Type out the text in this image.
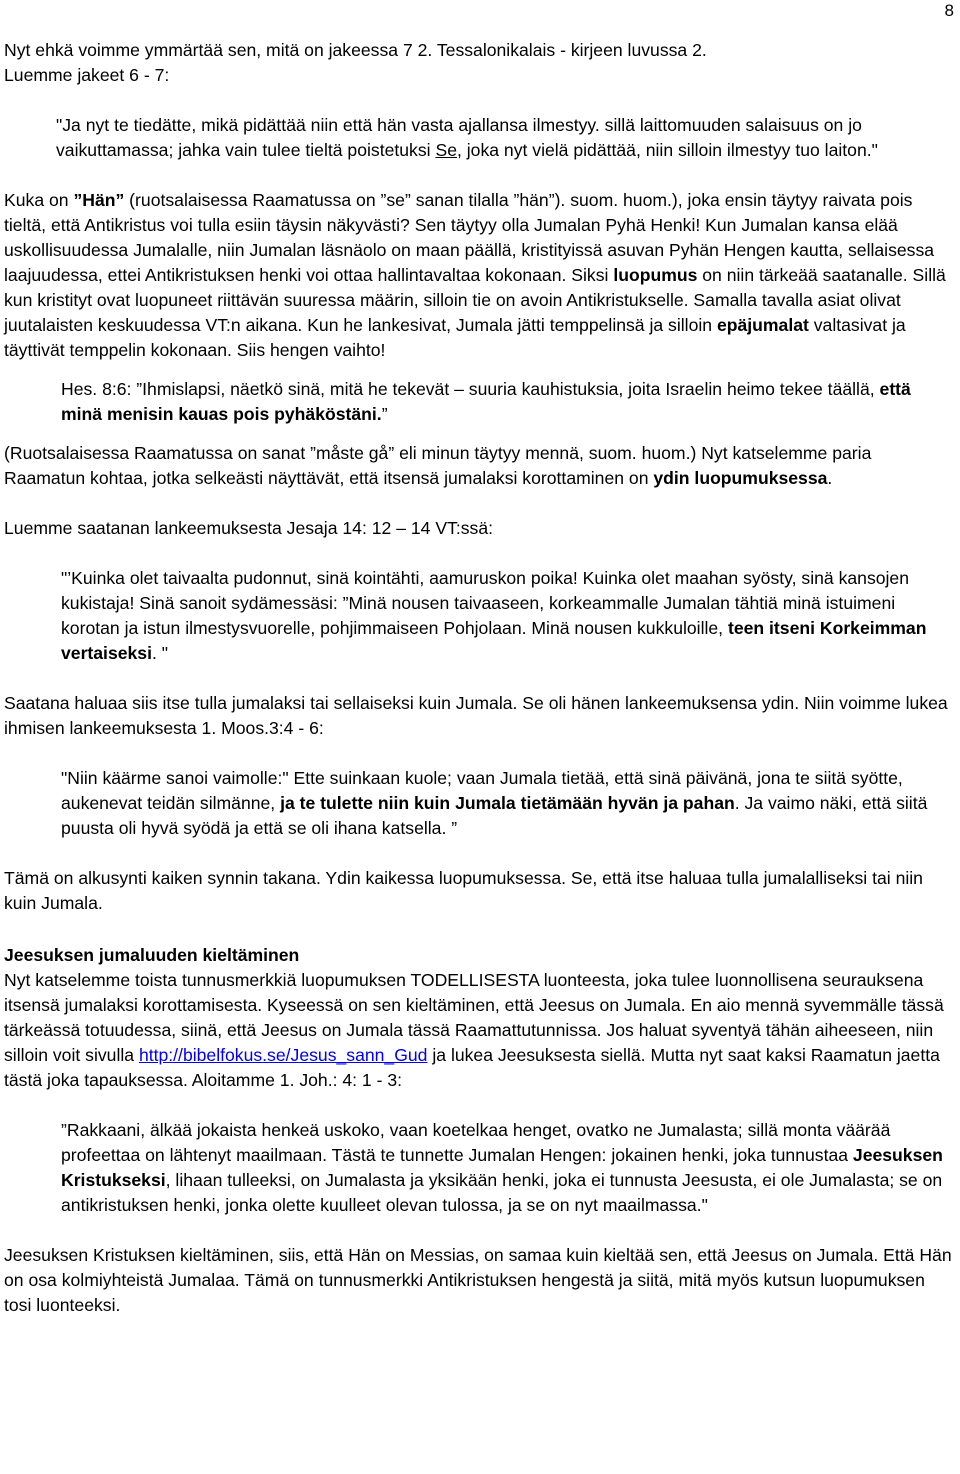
8

Nyt ehkä voimme ymmärtää sen, mitä on jakeessa 7 2. Tessalonikalais - kirjeen luvussa 2.
Luemme jakeet 6 - 7:

"Ja nyt te tiedätte, mikä pidättää niin että hän vasta ajallansa ilmestyy. sillä laittomuuden salaisuus on jo vaikuttamassa; jahka vain tulee tieltä poistetuksi Se, joka nyt vielä pidättää, niin silloin ilmestyy tuo laiton."

Kuka on ”Hän” (ruotsalaisessa Raamatussa on ”se” sanan tilalla ”hän”). suom. huom.), joka ensin täytyy raivata pois tieltä, että Antikristus voi tulla esiin täysin näkyvästi? Sen täytyy olla Jumalan Pyhä Henki! Kun Jumalan kansa elää uskollisuudessa Jumalalle, niin Jumalan läsnäolo on maan päällä, kristityissä asuvan Pyhän Hengen kautta, sellaisessa laajuudessa, ettei Antikristuksen henki voi ottaa hallintavaltaa kokonaan. Siksi luopumus on niin tärkeää saatanalle. Sillä kun kristityt ovat luopuneet riittävän suuressa määrin, silloin tie on avoin Antikristukselle. Samalla tavalla asiat olivat juutalaisten keskuudessa VT:n aikana. Kun he lankesivat, Jumala jätti temppelinsä ja silloin epäjumalat valtasivat ja täyttivät temppelin kokonaan. Siis hengen vaihto!

Hes. 8:6: ”Ihmislapsi, näetkö sinä, mitä he tekevät – suuria kauhistuksia, joita Israelin heimo tekee täällä, että minä menisin kauas pois pyhäköstäni.”

(Ruotsalaisessa Raamatussa on sanat ”måste gå” eli minun täytyy mennä, suom. huom.) Nyt katselemme paria Raamatun kohtaa, jotka selkeästi näyttävät, että itsensä jumalaksi korottaminen on ydin luopumuksessa.

Luemme saatanan lankeemuksesta Jesaja 14: 12 – 14 VT:ssä:

"’Kuinka olet taivaalta pudonnut, sinä kointähti, aamuruskon poika! Kuinka olet maahan syösty, sinä kansojen kukistaja! Sinä sanoit sydämessäsi: ”Minä nousen taivaaseen, korkeammalle Jumalan tähtiä minä istuimeni korotan ja istun ilmestysvuorelle, pohjimmaiseen Pohjolaan. Minä nousen kukkuloille, teen itseni Korkeimman vertaiseksi. "

Saatana haluaa siis itse tulla jumalaksi tai sellaiseksi kuin Jumala. Se oli hänen lankeemuksensa ydin. Niin voimme lukea ihmisen lankeemuksesta 1. Moos.3:4 - 6:

"Niin käärme sanoi vaimolle:" Ette suinkaan kuole; vaan Jumala tietää, että sinä päivänä, jona te siitä syötte, aukenevat teidän silmänne, ja te tulette niin kuin Jumala tietämään hyvän ja pahan. Ja vaimo näki, että siitä puusta oli hyvä syödä ja että se oli ihana katsella. ”

Tämä on alkusynti kaiken synnin takana. Ydin kaikessa luopumuksessa. Se, että itse haluaa tulla jumalalliseksi tai niin kuin Jumala.

Jeesuksen jumaluuden kieltäminen

Nyt katselemme toista tunnusmerkkiä luopumuksen TODELLISESTA luonteesta, joka tulee luonnollisena seurauksena itsensä jumalaksi korottamisesta. Kyseessä on sen kieltäminen, että Jeesus on Jumala. En aio mennä syvemmälle tässä tärkeässä totuudessa, siinä, että Jeesus on Jumala tässä Raamattutunnissa. Jos haluat syventyä tähän aiheeseen, niin silloin voit sivulla http://bibelfokus.se/Jesus_sann_Gud ja lukea Jeesuksesta siellä. Mutta nyt saat kaksi Raamatun jaetta tästä joka tapauksessa. Aloitamme 1. Joh.: 4: 1 - 3:

”Rakkaani, älkää jokaista henkeä uskoko, vaan koetelkaa henget, ovatko ne Jumalasta; sillä monta väärää profeettaa on lähtenyt maailmaan. Tästä te tunnette Jumalan Hengen: jokainen henki, joka tunnustaa Jeesuksen Kristukseksi, lihaan tulleeksi, on Jumalasta ja yksikään henki, joka ei tunnusta Jeesusta, ei ole Jumalasta; se on antikristuksen henki, jonka olette kuulleet olevan tulossa, ja se on nyt maailmassa."

Jeesuksen Kristuksen kieltäminen, siis, että Hän on Messias, on samaa kuin kieltää sen, että Jeesus on Jumala. Että Hän on osa kolmiyhteistä Jumalaa. Tämä on tunnusmerkki Antikristuksen hengestä ja siitä, mitä myös kutsun luopumuksen tosi luonteeksi.
